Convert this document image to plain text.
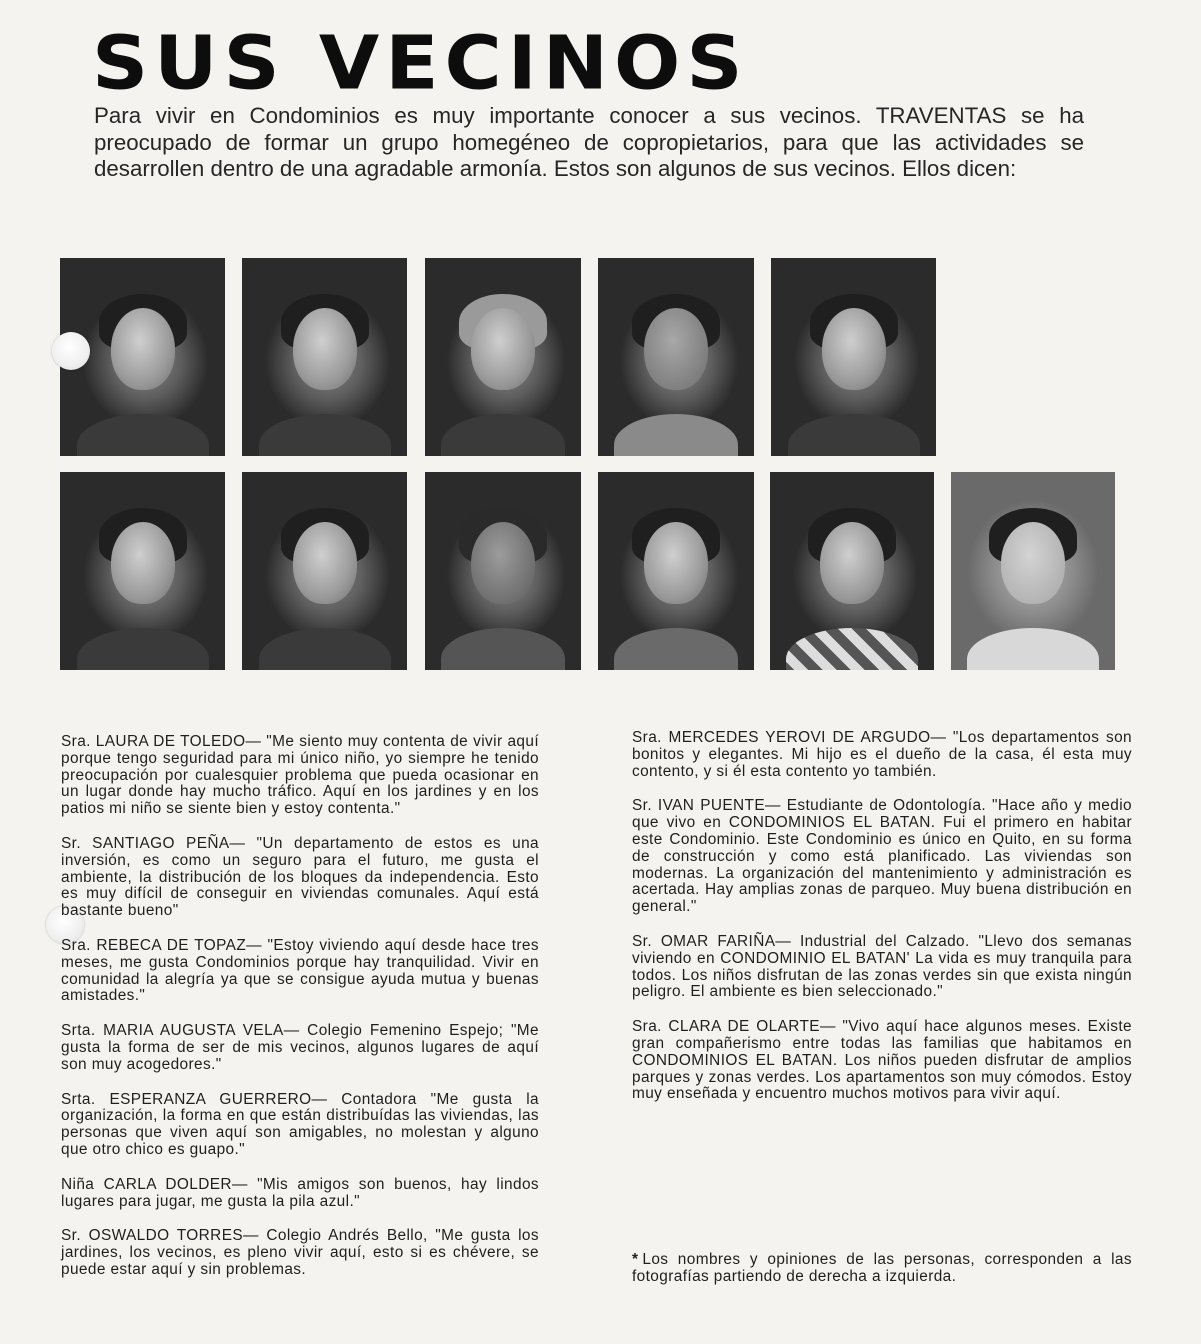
SUS VECINOS
Para vivir en Condominios es muy importante conocer a sus vecinos. TRAVENTAS se ha preocupado de formar un grupo homegéneo de copropietarios, para que las actividades se desarrollen dentro de una agradable armonía. Estos son algunos de sus vecinos. Ellos dicen:

Sra. LAURA DE TOLEDO— "Me siento muy contenta de vivir aquí porque tengo seguridad para mi único niño, yo siempre he tenido preocupación por cualesquier problema que pueda ocasionar en un lugar donde hay mucho tráfico. Aquí en los jardines y en los patios mi niño se siente bien y estoy contenta."

Sr. SANTIAGO PEÑA— "Un departamento de estos es una inversión, es como un seguro para el futuro, me gusta el ambiente, la distribución de los bloques da independencia. Esto es muy difícil de conseguir en viviendas comunales. Aquí está bastante bueno"

Sra. REBECA DE TOPAZ— "Estoy viviendo aquí desde hace tres meses, me gusta Condominios porque hay tranquilidad. Vivir en comunidad la alegría ya que se consigue ayuda mutua y buenas amistades."

Srta. MARIA AUGUSTA VELA— Colegio Femenino Espejo; "Me gusta la forma de ser de mis vecinos, algunos lugares de aquí son muy acogedores."

Srta. ESPERANZA GUERRERO— Contadora "Me gusta la organización, la forma en que están distribuídas las viviendas, las personas que viven aquí son amigables, no molestan y alguno que otro chico es guapo."

Niña CARLA DOLDER— "Mis amigos son buenos, hay lindos lugares para jugar, me gusta la pila azul."

Sr. OSWALDO TORRES— Colegio Andrés Bello, "Me gusta los jardines, los vecinos, es pleno vivir aquí, esto si es chévere, se puede estar aquí y sin problemas.

Sra. MERCEDES YEROVI DE ARGUDO— "Los departamentos son bonitos y elegantes. Mi hijo es el dueño de la casa, él esta muy contento, y si él esta contento yo también.

Sr. IVAN PUENTE— Estudiante de Odontología. "Hace año y medio que vivo en CONDOMINIOS EL BATAN. Fui el primero en habitar este Condominio. Este Condominio es único en Quito, en su forma de construcción y como está planificado. Las viviendas son modernas. La organización del mantenimiento y administración es acertada. Hay amplias zonas de parqueo. Muy buena distribución en general."

Sr. OMAR FARIÑA— Industrial del Calzado. "Llevo dos semanas viviendo en CONDOMINIO EL BATAN' La vida es muy tranquila para todos. Los niños disfrutan de las zonas verdes sin que exista ningún peligro. El ambiente es bien seleccionado."

Sra. CLARA DE OLARTE— "Vivo aquí hace algunos meses. Existe gran compañerismo entre todas las familias que habitamos en CONDOMINIOS EL BATAN. Los niños pueden disfrutar de amplios parques y zonas verdes. Los apartamentos son muy cómodos. Estoy muy enseñada y encuentro muchos motivos para vivir aquí.

* Los nombres y opiniones de las personas, corresponden a las fotografías partiendo de derecha a izquierda.
